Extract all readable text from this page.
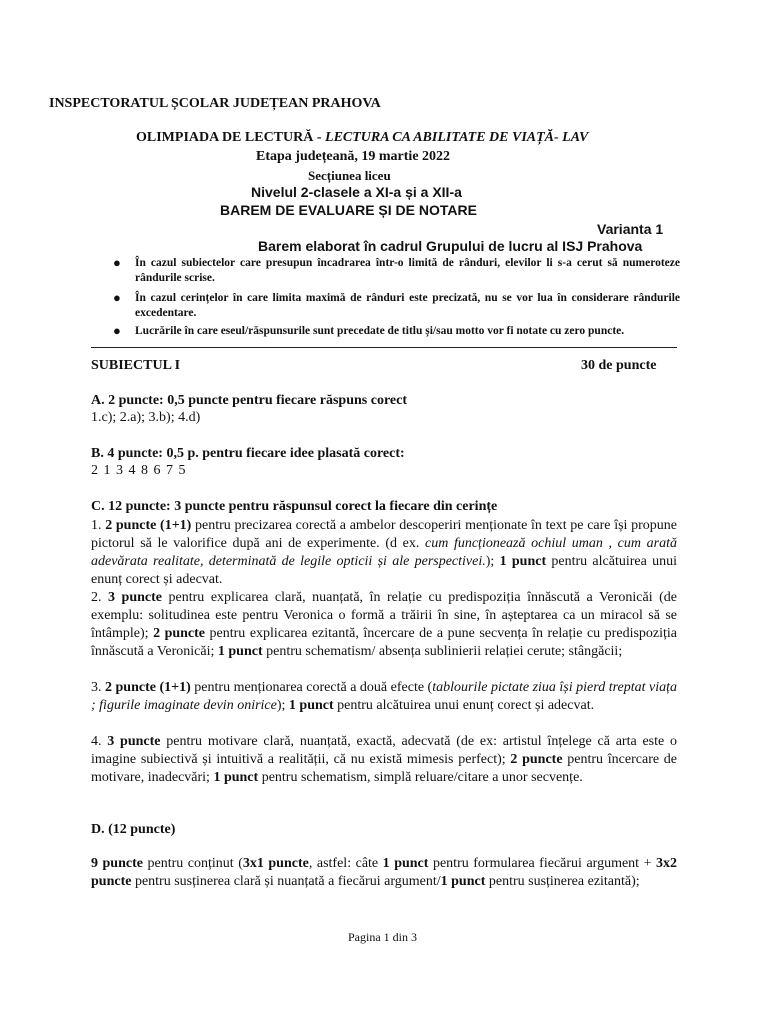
INSPECTORATUL ȘCOLAR JUDEȚEAN PRAHOVA
OLIMPIADA DE LECTURĂ - LECTURA CA ABILITATE DE VIAȚĂ- LAV
Etapa județeană, 19 martie 2022
Secțiunea liceu
Nivelul 2-clasele a XI-a și a XII-a
BAREM DE EVALUARE ȘI DE NOTARE
Varianta 1
Barem elaborat în cadrul Grupului de lucru al ISJ Prahova
● În cazul subiectelor care presupun încadrarea într-o limită de rânduri, elevilor li s-a cerut să numeroteze rândurile scrise.
● În cazul cerințelor în care limita maximă de rânduri este precizată, nu se vor lua în considerare rândurile excedentare.
● Lucrările în care eseul/răspunsurile sunt precedate de titlu și/sau motto vor fi notate cu zero puncte.
SUBIECTUL I	30 de puncte
A. 2 puncte: 0,5 puncte pentru fiecare răspuns corect
1.c); 2.a); 3.b); 4.d)
B. 4 puncte: 0,5 p. pentru fiecare idee plasată corect:
2 1 3 4 8 6 7 5
C. 12 puncte: 3 puncte pentru răspunsul corect la fiecare din cerințe
1. 2 puncte (1+1) pentru precizarea corectă a ambelor descoperiri menționate în text pe care își propune pictorul să le valorifice după ani de experimente. (d ex. cum funcționează ochiul uman , cum arată adevărata realitate, determinată de legile opticii și ale perspectivei.); 1 punct pentru alcătuirea unui enunț corect și adecvat.
2. 3 puncte pentru explicarea clară, nuanțată, în relație cu predispoziția înnăscută a Veronicăi (de exemplu: solitudinea este pentru Veronica o formă a trăirii în sine, în așteptarea ca un miracol să se întâmple); 2 puncte pentru explicarea ezitantă, încercare de a pune secvența în relație cu predispoziția înnăscută a Veronicăi; 1 punct pentru schematism/ absența sublinierii relației cerute; stângăcii;
3. 2 puncte (1+1) pentru menționarea corectă a două efecte (tablourile pictate ziua își pierd treptat viața ; figurile imaginate devin onirice); 1 punct pentru alcătuirea unui enunț corect și adecvat.
4. 3 puncte pentru motivare clară, nuanțată, exactă, adecvată (de ex: artistul înțelege că arta este o imagine subiectivă și intuitivă a realității, că nu există mimesis perfect); 2 puncte pentru încercare de motivare, inadecvări; 1 punct pentru schematism, simplă reluare/citare a unor secvențe.
D. (12 puncte)
9 puncte pentru conținut (3x1 puncte, astfel: câte 1 punct pentru formularea fiecărui argument + 3x2 puncte pentru susținerea clară și nuanțată a fiecărui argument/1 punct pentru susținerea ezitantă);
Pagina 1 din 3
